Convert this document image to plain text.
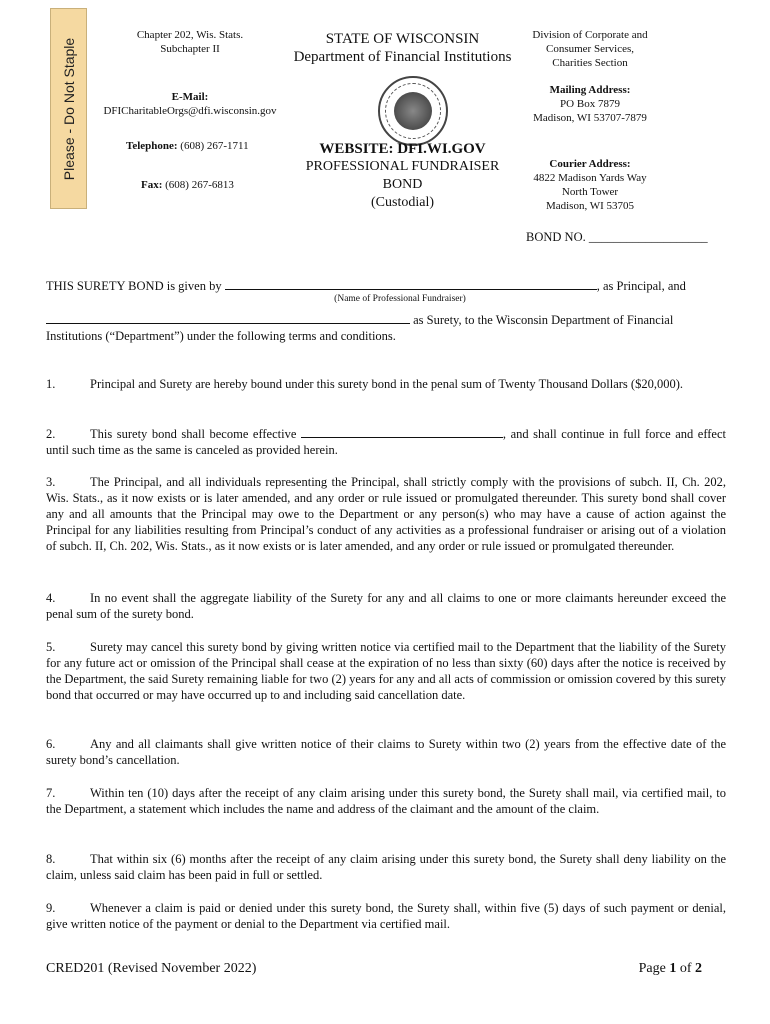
Please - Do Not Staple
Chapter 202, Wis. Stats.
Subchapter II
E-Mail:
DFICharitableOrgs@dfi.wisconsin.gov
Telephone: (608) 267-1711
Fax: (608) 267-6813
STATE OF WISCONSIN
Department of Financial Institutions
WEBSITE: DFI.WI.GOV
PROFESSIONAL FUNDRAISER
BOND
(Custodial)
Division of Corporate and
Consumer Services,
Charities Section
Mailing Address:
PO Box 7879
Madison, WI 53707-7879
Courier Address:
4822 Madison Yards Way
North Tower
Madison, WI 53705
BOND NO. ___________________
THIS SURETY BOND is given by	, as Principal, and
(Name of Professional Fundraiser)
as Surety, to the Wisconsin Department of Financial
Institutions (“Department”) under the following terms and conditions.
1.	Principal and Surety are hereby bound under this surety bond in the penal sum of Twenty Thousand Dollars ($20,000).
2.	This surety bond shall become effective	, and shall continue in full force and effect until such time as the same is canceled as provided herein.
3.	The Principal, and all individuals representing the Principal, shall strictly comply with the provisions of subch. II, Ch. 202, Wis. Stats., as it now exists or is later amended, and any order or rule issued or promulgated thereunder. This surety bond shall cover any and all amounts that the Principal may owe to the Department or any person(s) who may have a cause of action against the Principal for any liabilities resulting from Principal’s conduct of any activities as a professional fundraiser or arising out of a violation of subch. II, Ch. 202, Wis. Stats., as it now exists or is later amended, and any order or rule issued or promulgated thereunder.
4.	In no event shall the aggregate liability of the Surety for any and all claims to one or more claimants hereunder exceed the penal sum of the surety bond.
5.	Surety may cancel this surety bond by giving written notice via certified mail to the Department that the liability of the Surety for any future act or omission of the Principal shall cease at the expiration of no less than sixty (60) days after the notice is received by the Department, the said Surety remaining liable for two (2) years for any and all acts of commission or omission covered by this surety bond that occurred or may have occurred up to and including said cancellation date.
6.	Any and all claimants shall give written notice of their claims to Surety within two (2) years from the effective date of the surety bond’s cancellation.
7.	Within ten (10) days after the receipt of any claim arising under this surety bond, the Surety shall mail, via certified mail, to the Department, a statement which includes the name and address of the claimant and the amount of the claim.
8.	That within six (6) months after the receipt of any claim arising under this surety bond, the Surety shall deny liability on the claim, unless said claim has been paid in full or settled.
9.	Whenever a claim is paid or denied under this surety bond, the Surety shall, within five (5) days of such payment or denial, give written notice of the payment or denial to the Department via certified mail.
CRED201 (Revised November 2022)	Page 1 of 2
